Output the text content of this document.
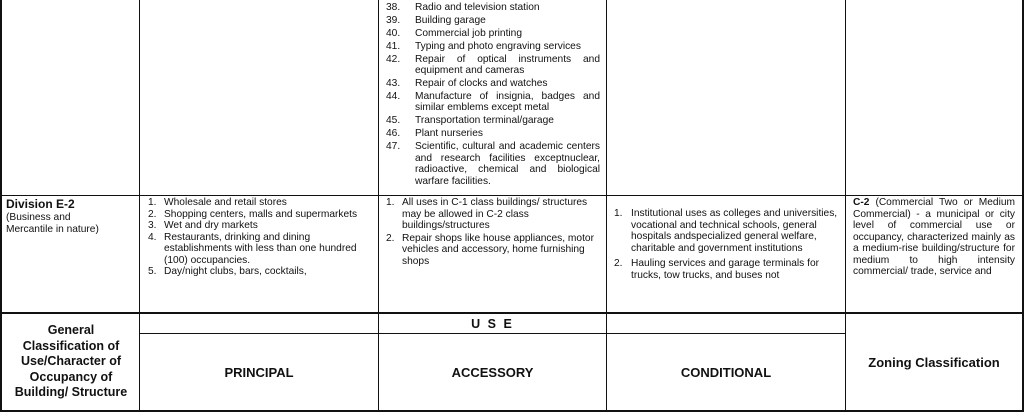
38. Radio and television station
39. Building garage
40. Commercial job printing
41. Typing and photo engraving services
42. Repair of optical instruments and equipment and cameras
43. Repair of clocks and watches
44. Manufacture of insignia, badges and similar emblems except metal
45. Transportation terminal/garage
46. Plant nurseries
47. Scientific, cultural and academic centers and research facilities exceptnuclear, radioactive, chemical and biological warfare facilities.
Division E-2
(Business and Mercantile in nature)
1. Wholesale and retail stores
2. Shopping centers, malls and supermarkets
3. Wet and dry markets
4. Restaurants, drinking and dining establishments with less than one hundred (100) occupancies.
5. Day/night clubs, bars, cocktails,
1. All uses in C-1 class buildings/ structures may be allowed in C-2 class buildings/structures
2. Repair shops like house appliances, motor vehicles and accessory, home furnishing shops
1. Institutional uses as colleges and universities, vocational and technical schools, general hospitals andspecialized general welfare, charitable and government institutions
2. Hauling services and garage terminals for trucks, tow trucks, and buses not
C-2 (Commercial Two or Medium Commercial) - a municipal or city level of commercial use or occupancy, characterized mainly as a medium-rise building/structure for medium to high intensity commercial/ trade, service and
General Classification of Use/Character of Occupancy of Building/ Structure
U S E
PRINCIPAL	ACCESSORY	CONDITIONAL
Zoning Classification
